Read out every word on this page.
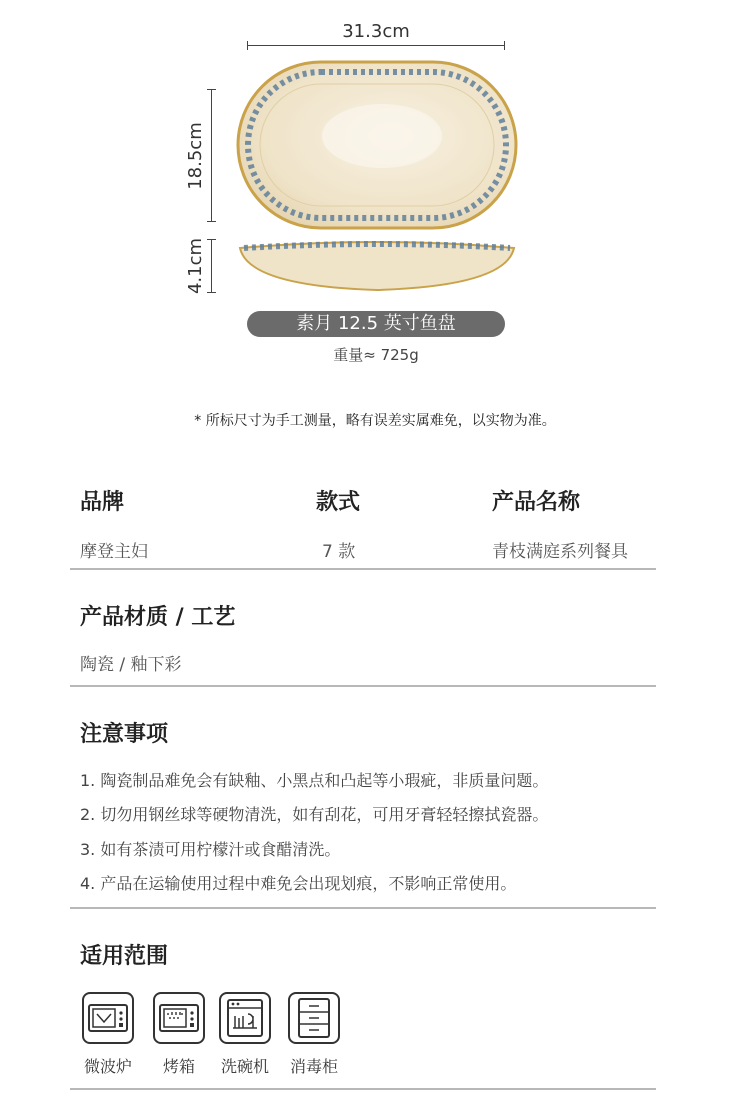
31.3cm
18.5cm
4.1cm
素月 12.5 英寸鱼盘
重量≈ 725g
* 所标尺寸为手工测量，略有误差实属难免，以实物为准。
品牌	款式	产品名称
摩登主妇	7 款	青枝满庭系列餐具
产品材质 / 工艺
陶瓷 / 釉下彩
注意事项
1. 陶瓷制品难免会有缺釉、小黑点和凸起等小瑕疵，非质量问题。
2. 切勿用钢丝球等硬物清洗，如有刮花，可用牙膏轻轻擦拭瓷器。
3. 如有茶渍可用柠檬汁或食醋清洗。
4. 产品在运输使用过程中难免会出现划痕，不影响正常使用。
适用范围
微波炉	烤箱	洗碗机	消毒柜
